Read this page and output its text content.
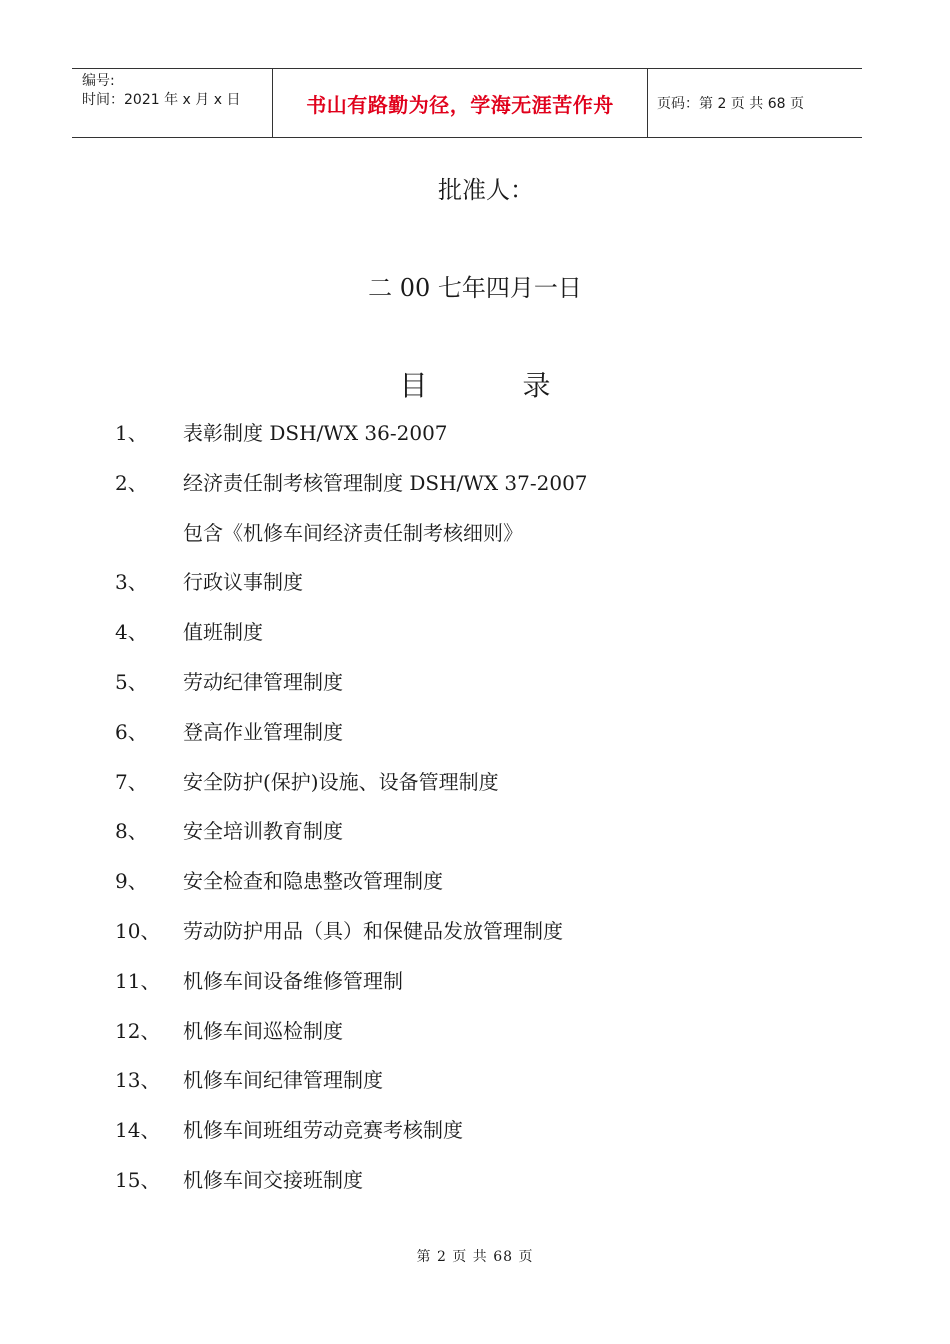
编号:
时间：2021 年 x 月 x 日	书山有路勤为径，学海无涯苦作舟	页码：第 2 页 共 68 页
批准人：
二 00 七年四月一日
目	录
1、 表彰制度 DSH/WX 36-2007
2、 经济责任制考核管理制度 DSH/WX 37-2007
包含《机修车间经济责任制考核细则》
3、 行政议事制度
4、 值班制度
5、 劳动纪律管理制度
6、 登高作业管理制度
7、 安全防护(保护)设施、设备管理制度
8、 安全培训教育制度
9、 安全检查和隐患整改管理制度
10、 劳动防护用品（具）和保健品发放管理制度
11、 机修车间设备维修管理制
12、 机修车间巡检制度
13、 机修车间纪律管理制度
14、 机修车间班组劳动竞赛考核制度
15、 机修车间交接班制度
第 2 页 共 68 页
